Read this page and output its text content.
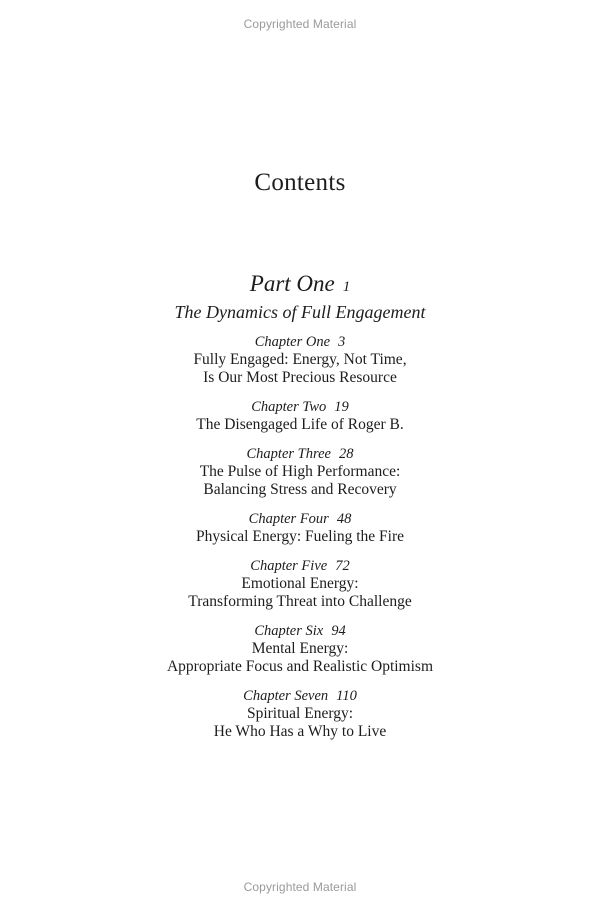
Copyrighted Material
Contents
Part One 1
The Dynamics of Full Engagement
Chapter One 3
Fully Engaged: Energy, Not Time,
Is Our Most Precious Resource
Chapter Two 19
The Disengaged Life of Roger B.
Chapter Three 28
The Pulse of High Performance:
Balancing Stress and Recovery
Chapter Four 48
Physical Energy: Fueling the Fire
Chapter Five 72
Emotional Energy:
Transforming Threat into Challenge
Chapter Six 94
Mental Energy:
Appropriate Focus and Realistic Optimism
Chapter Seven 110
Spiritual Energy:
He Who Has a Why to Live
Copyrighted Material
